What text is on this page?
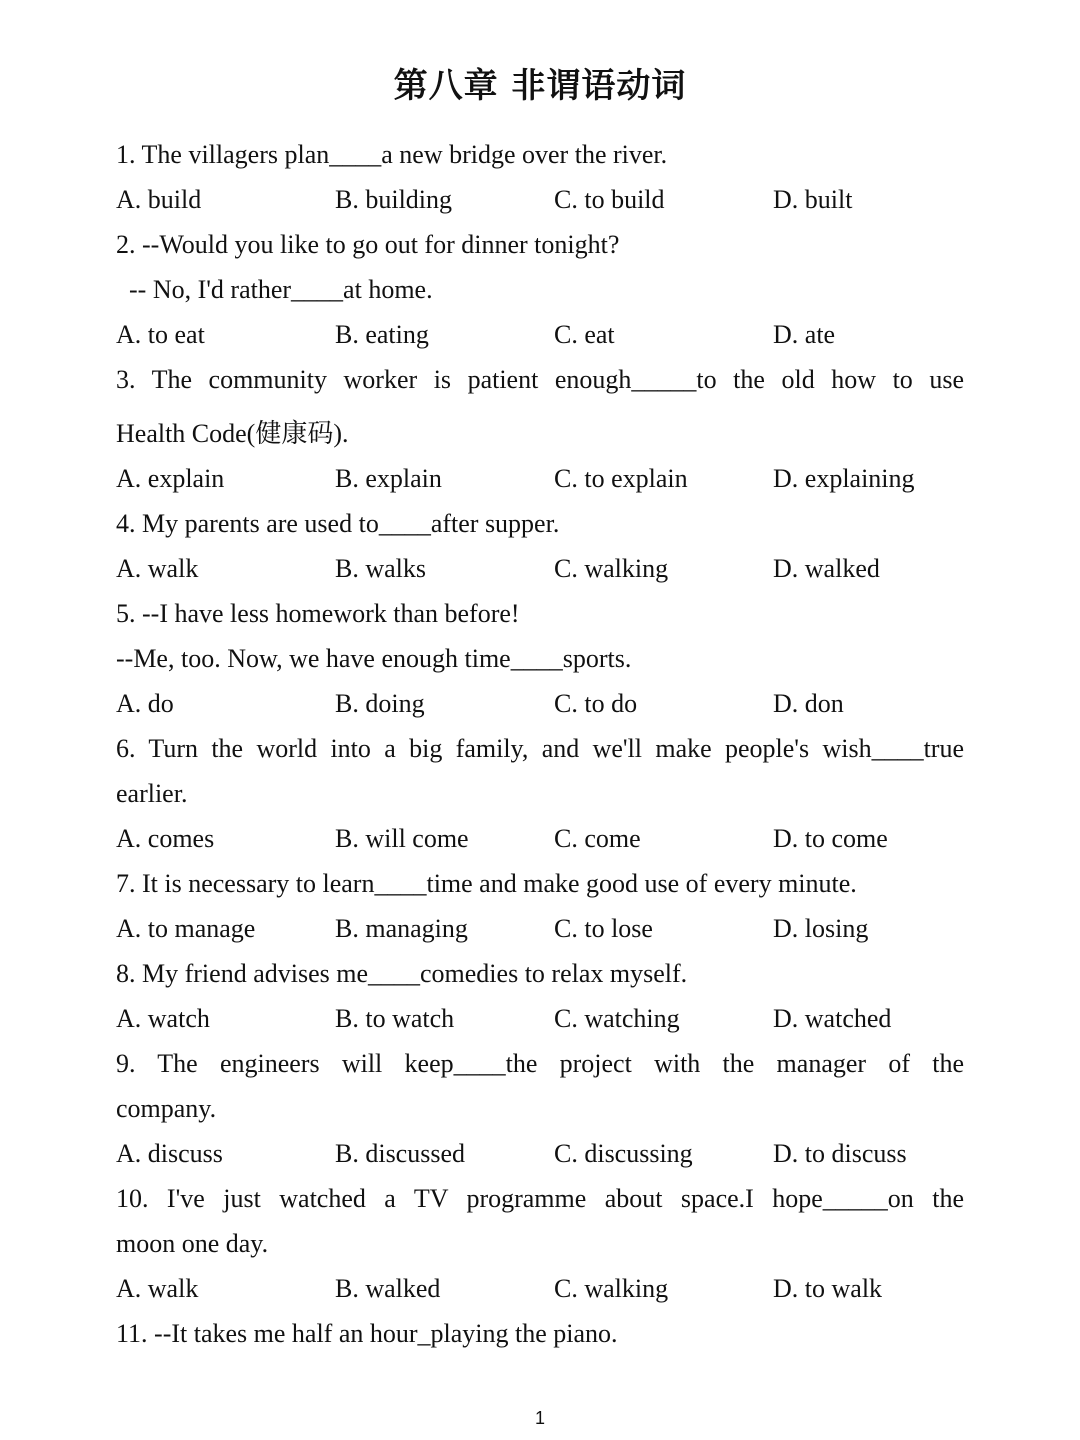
第八章 非谓语动词
1. The villagers plan____a new bridge over the river.
A. build	B. building	C. to build	D. built
2. --Would you like to go out for dinner tonight?
-- No, I'd rather____at home.
A. to eat	B. eating	C. eat	D. ate
3. The community worker is patient enough_____to the old how to use
Health Code(健康码).
A. explain	B. explain	C. to explain	D. explaining
4. My parents are used to____after supper.
A. walk	B. walks	C. walking	D. walked
5. --I have less homework than before!
--Me, too. Now, we have enough time____sports.
A. do	B. doing	C. to do	D. don
6. Turn the world into a big family, and we'll make people's wish____true
earlier.
A. comes	B. will come	C. come	D. to come
7. It is necessary to learn____time and make good use of every minute.
A. to manage	B. managing	C. to lose	D. losing
8. My friend advises me____comedies to relax myself.
A. watch	B. to watch	C. watching	D. watched
9. The engineers will keep____the project with the manager of the
company.
A. discuss	B. discussed	C. discussing	D. to discuss
10. I've just watched a TV programme about space.I hope_____on the
moon one day.
A. walk	B. walked	C. walking	D. to walk
11. --It takes me half an hour_playing the piano.
1
